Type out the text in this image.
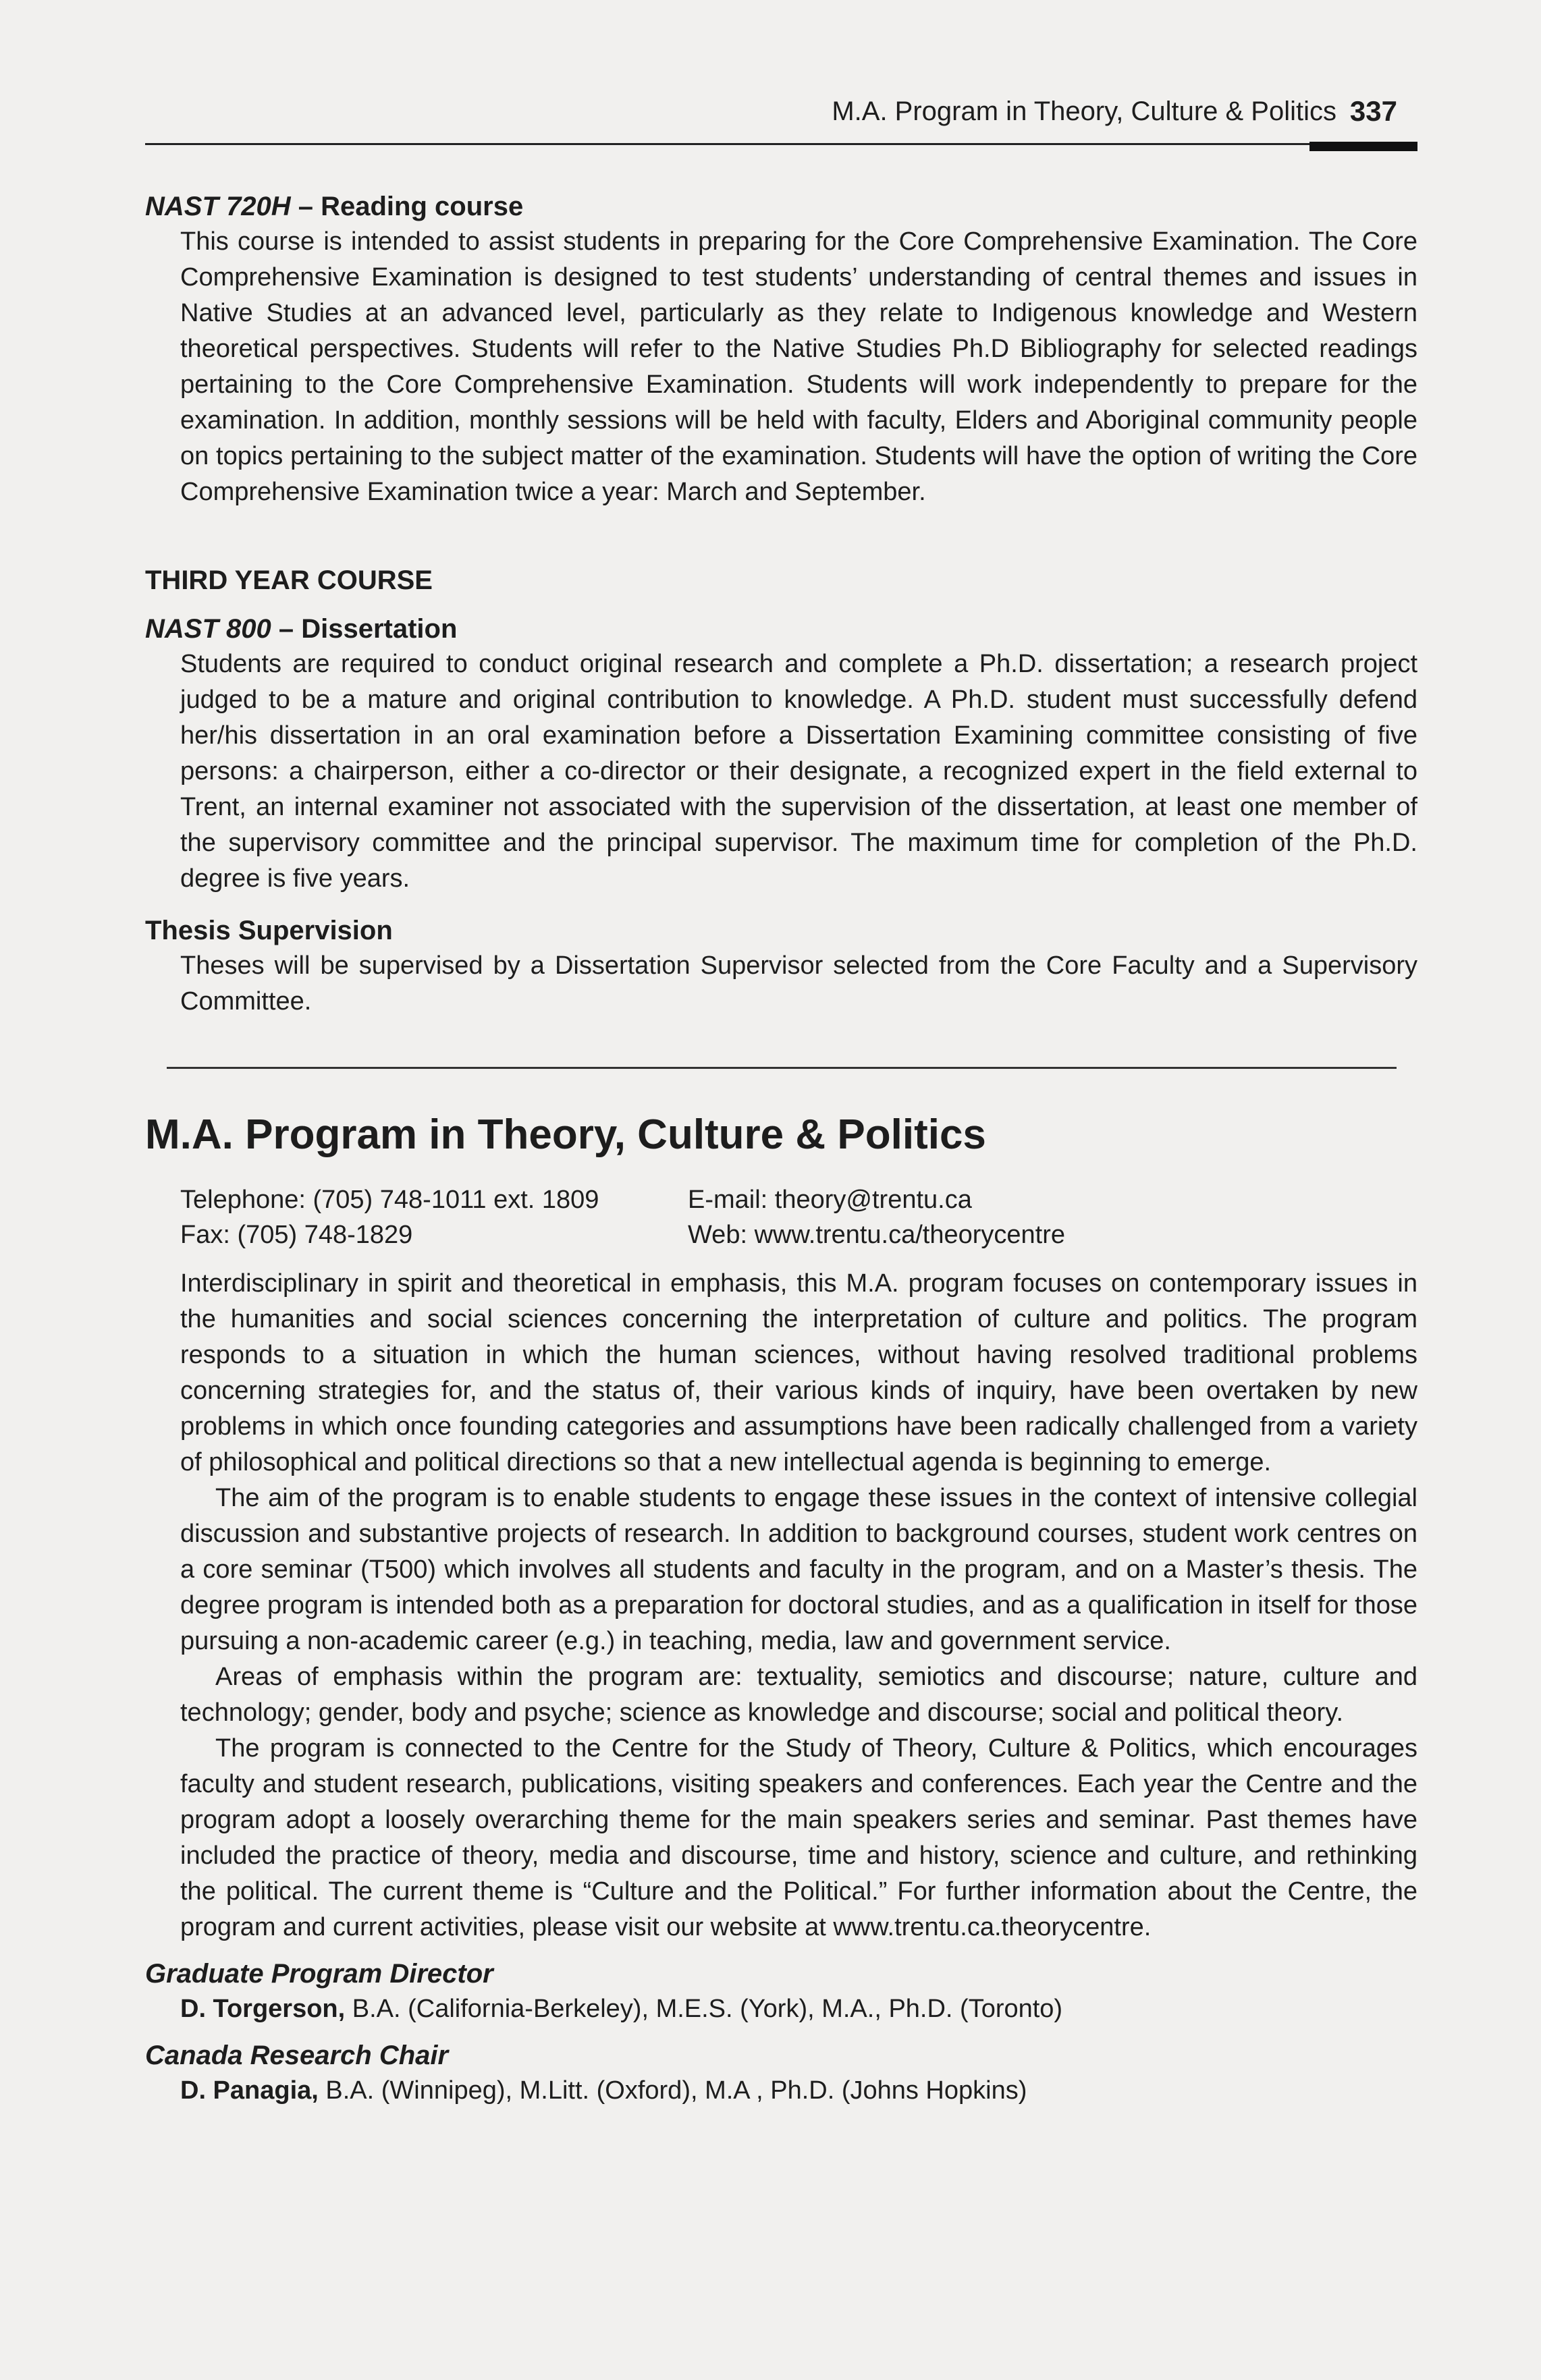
M.A. Program in Theory, Culture & Politics 337
NAST 720H – Reading course
This course is intended to assist students in preparing for the Core Comprehensive Examination. The Core Comprehensive Examination is designed to test students’ understanding of central themes and issues in Native Studies at an advanced level, particularly as they relate to Indigenous knowledge and Western theoretical perspectives. Students will refer to the Native Studies Ph.D Bibliography for selected readings pertaining to the Core Comprehensive Examination. Students will work independently to prepare for the examination. In addition, monthly sessions will be held with faculty, Elders and Aboriginal community people on topics pertaining to the subject matter of the examination. Students will have the option of writing the Core Comprehensive Examination twice a year: March and September.
THIRD YEAR COURSE
NAST 800 – Dissertation
Students are required to conduct original research and complete a Ph.D. dissertation; a research project judged to be a mature and original contribution to knowledge. A Ph.D. student must successfully defend her/his dissertation in an oral examination before a Dissertation Examining committee consisting of five persons: a chairperson, either a co-director or their designate, a recognized expert in the field external to Trent, an internal examiner not associated with the supervision of the dissertation, at least one member of the supervisory committee and the principal supervisor. The maximum time for completion of the Ph.D. degree is five years.
Thesis Supervision
Theses will be supervised by a Dissertation Supervisor selected from the Core Faculty and a Supervisory Committee.
M.A. Program in Theory, Culture & Politics
Telephone: (705) 748-1011 ext. 1809	E-mail: theory@trentu.ca
Fax: (705) 748-1829	Web: www.trentu.ca/theorycentre

Interdisciplinary in spirit and theoretical in emphasis, this M.A. program focuses on contemporary issues in the humanities and social sciences concerning the interpretation of culture and politics. The program responds to a situation in which the human sciences, without having resolved traditional problems concerning strategies for, and the status of, their various kinds of inquiry, have been overtaken by new problems in which once founding categories and assumptions have been radically challenged from a variety of philosophical and political directions so that a new intellectual agenda is beginning to emerge.

The aim of the program is to enable students to engage these issues in the context of intensive collegial discussion and substantive projects of research. In addition to background courses, student work centres on a core seminar (T500) which involves all students and faculty in the program, and on a Master’s thesis. The degree program is intended both as a preparation for doctoral studies, and as a qualification in itself for those pursuing a non-academic career (e.g.) in teaching, media, law and government service.

Areas of emphasis within the program are: textuality, semiotics and discourse; nature, culture and technology; gender, body and psyche; science as knowledge and discourse; social and political theory.

The program is connected to the Centre for the Study of Theory, Culture & Politics, which encourages faculty and student research, publications, visiting speakers and conferences. Each year the Centre and the program adopt a loosely overarching theme for the main speakers series and seminar. Past themes have included the practice of theory, media and discourse, time and history, science and culture, and rethinking the political. The current theme is “Culture and the Political.” For further information about the Centre, the program and current activities, please visit our website at www.trentu.ca.theorycentre.

Graduate Program Director
D. Torgerson, B.A. (California-Berkeley), M.E.S. (York), M.A., Ph.D. (Toronto)
Canada Research Chair
D. Panagia, B.A. (Winnipeg), M.Litt. (Oxford), M.A , Ph.D. (Johns Hopkins)
